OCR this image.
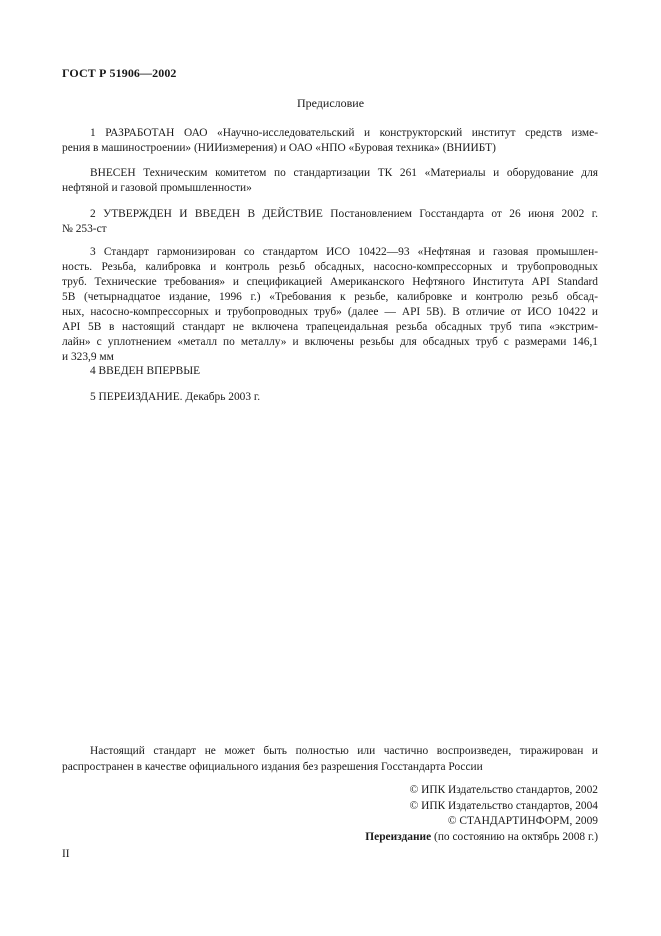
ГОСТ Р 51906—2002
Предисловие
1 РАЗРАБОТАН ОАО «Научно-исследовательский и конструкторский институт средств изме-
рения в машиностроении» (НИИизмерения) и ОАО «НПО «Буровая техника» (ВНИИБТ)
ВНЕСЕН Техническим комитетом по стандартизации ТК 261 «Материалы и оборудование для
нефтяной и газовой промышленности»
2 УТВЕРЖДЕН И ВВЕДЕН В ДЕЙСТВИЕ Постановлением Госстандарта от 26 июня 2002 г.
№ 253-ст
3 Стандарт гармонизирован со стандартом ИСО 10422—93 «Нефтяная и газовая промышлен-
ность. Резьба, калибровка и контроль резьб обсадных, насосно-компрессорных и трубопроводных
труб. Технические требования» и спецификацией Американского Нефтяного Института API Standard
5В (четырнадцатое издание, 1996 г.) «Требования к резьбе, калибровке и контролю резьб обсад-
ных, насосно-компрессорных и трубопроводных труб» (далее — API 5В). В отличие от ИСО 10422 и
API 5B в настоящий стандарт не включена трапецеидальная резьба обсадных труб типа «экстрим-
лайн» с уплотнением «металл по металлу» и включены резьбы для обсадных труб с размерами 146,1
и 323,9 мм
4 ВВЕДЕН ВПЕРВЫЕ
5 ПЕРЕИЗДАНИЕ. Декабрь 2003 г.
Настоящий стандарт не может быть полностью или частично воспроизведен, тиражирован и
распространен в качестве официального издания без разрешения Госстандарта России
© ИПК Издательство стандартов, 2002
© ИПК Издательство стандартов, 2004
© СТАНДАРТИНФОРМ, 2009
Переиздание (по состоянию на октябрь 2008 г.)
II
